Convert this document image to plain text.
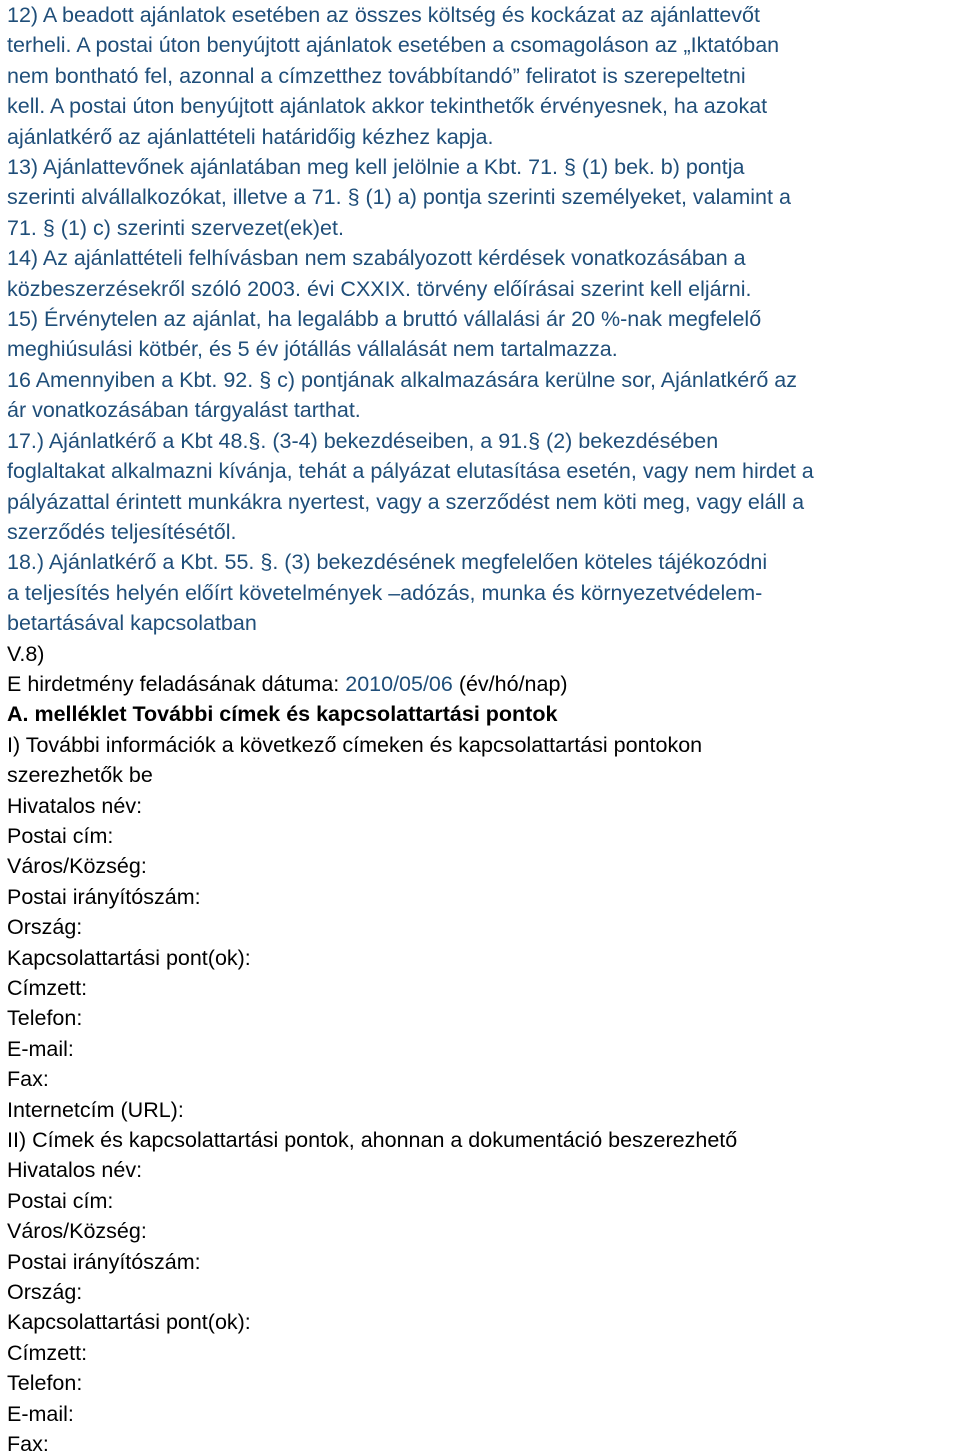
12) A beadott ajánlatok esetében az összes költség és kockázat az ajánlattevőt

terheli. A postai úton benyújtott ajánlatok esetében a csomagoláson az „Iktatóban

nem bontható fel, azonnal a címzetthez továbbítandó” feliratot is szerepeltetni

kell. A postai úton benyújtott ajánlatok akkor tekinthetők érvényesnek, ha azokat

ajánlatkérő az ajánlattételi határidőig kézhez kapja.

13) Ajánlattevőnek ajánlatában meg kell jelölnie a Kbt. 71. § (1) bek. b) pontja

szerinti alvállalkozókat, illetve a 71. § (1) a) pontja szerinti személyeket, valamint a

71. § (1) c) szerinti szervezet(ek)et.

14) Az ajánlattételi felhívásban nem szabályozott kérdések vonatkozásában a

közbeszerzésekről szóló 2003. évi CXXIX. törvény előírásai szerint kell eljárni.

15) Érvénytelen az ajánlat, ha legalább a bruttó vállalási ár 20 %-nak megfelelő

meghiúsulási kötbér, és 5 év jótállás vállalását nem tartalmazza.

16 Amennyiben a Kbt. 92. § c) pontjának alkalmazására kerülne sor, Ajánlatkérő az

ár vonatkozásában tárgyalást tarthat.

17.) Ajánlatkérő a Kbt 48.§. (3-4) bekezdéseiben, a 91.§ (2) bekezdésében

foglaltakat alkalmazni kívánja, tehát a pályázat elutasítása esetén, vagy nem hirdet a

pályázattal érintett munkákra nyertest, vagy a szerződést nem köti meg, vagy eláll a

szerződés teljesítésétől.

18.) Ajánlatkérő a Kbt. 55. §. (3) bekezdésének megfelelően köteles tájékozódni

a teljesítés helyén előírt követelmények –adózás, munka és környezetvédelem-

betartásával kapcsolatban

V.8)

E hirdetmény feladásának dátuma: 2010/05/06 (év/hó/nap)

A. melléklet További címek és kapcsolattartási pontok

I) További információk a következő címeken és kapcsolattartási pontokon

szerezhetők be

Hivatalos név:

Postai cím:

Város/Község:

Postai irányítószám:

Ország:

Kapcsolattartási pont(ok):

Címzett:

Telefon:

E-mail:

Fax:

Internetcím (URL):

II) Címek és kapcsolattartási pontok, ahonnan a dokumentáció beszerezhető

Hivatalos név:

Postai cím:

Város/Község:

Postai irányítószám:

Ország:

Kapcsolattartási pont(ok):

Címzett:

Telefon:

E-mail:

Fax:
